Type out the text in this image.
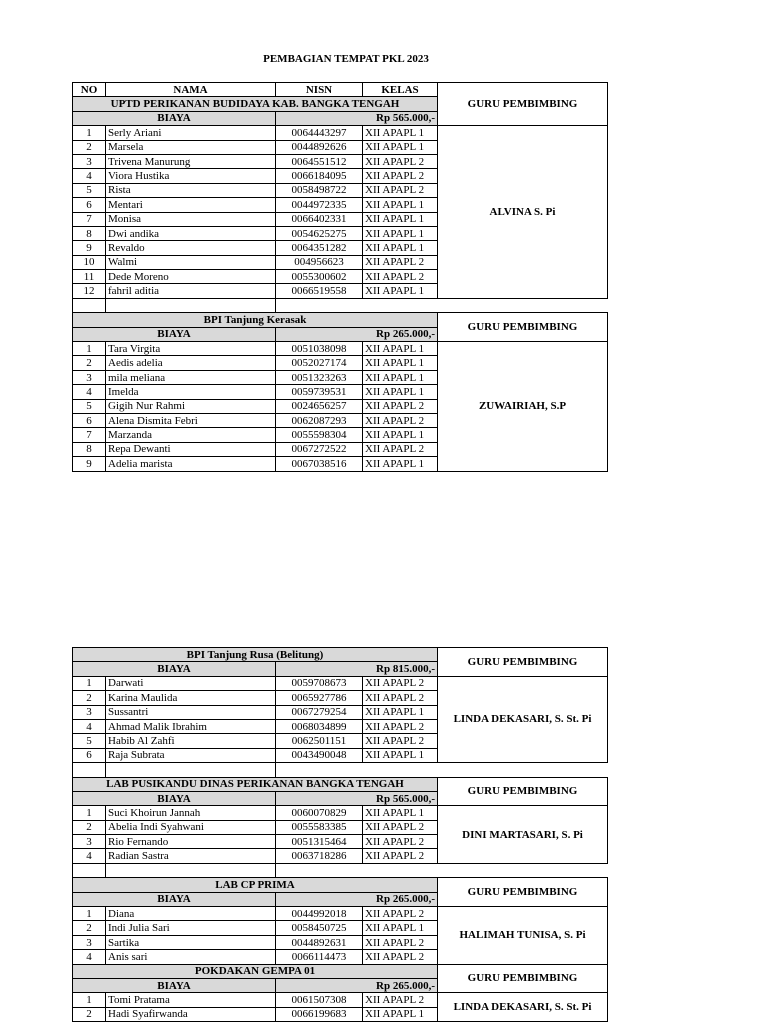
PEMBAGIAN TEMPAT PKL 2023
NO	NAMA	NISN	KELAS	GURU PEMBIMBING
UPTD PERIKANAN BUDIDAYA KAB. BANGKA TENGAH				
BIAYA		Rp 565.000,-		
1	Serly Ariani	0064443297	XII APAPL 1	ALVINA S. Pi
2	Marsela	0044892626	XII APAPL 1	
3	Trivena Manurung	0064551512	XII APAPL 2	
4	Viora Hustika	0066184095	XII APAPL 2	
5	Rista	0058498722	XII APAPL 2	
6	Mentari	0044972335	XII APAPL 1	
7	Monisa	0066402331	XII APAPL 1	
8	Dwi andika	0054625275	XII APAPL 1	
9	Revaldo	0064351282	XII APAPL 1	
10	Walmi	004956623	XII APAPL 2	
11	Dede Moreno	0055300602	XII APAPL 2	
12	fahril aditia	0066519558	XII APAPL 1	

BPI Tanjung Kerasak				GURU PEMBIMBING
BIAYA		Rp 265.000,-		
1	Tara Virgita	0051038098	XII APAPL 1	ZUWAIRIAH, S.P
2	Aedis adelia	0052027174	XII APAPL 1	
3	mila meliana	0051323263	XII APAPL 1	
4	Imelda	0059739531	XII APAPL 1	
5	Gigih Nur Rahmi	0024656257	XII APAPL 2	
6	Alena Dismita Febri	0062087293	XII APAPL 2	
7	Marzanda	0055598304	XII APAPL 1	
8	Repa Dewanti	0067272522	XII APAPL 2	
9	Adelia marista	0067038516	XII APAPL 1	
BPI Tanjung Rusa (Belitung)				GURU PEMBIMBING
BIAYA		Rp 815.000,-		
1	Darwati	0059708673	XII APAPL 2	LINDA DEKASARI, S. St. Pi
2	Karina Maulida	0065927786	XII APAPL 2	
3	Sussantri	0067279254	XII APAPL 1	
4	Ahmad Malik Ibrahim	0068034899	XII APAPL 2	
5	Habib Al Zahfi	0062501151	XII APAPL 2	
6	Raja Subrata	0043490048	XII APAPL 1	

LAB PUSIKANDU DINAS PERIKANAN BANGKA TENGAH				GURU PEMBIMBING
BIAYA		Rp 565.000,-		
1	Suci Khoirun Jannah	0060070829	XII APAPL 1	DINI MARTASARI, S. Pi
2	Abelia Indi Syahwani	0055583385	XII APAPL 2	
3	Rio Fernando	0051315464	XII APAPL 2	
4	Radian Sastra	0063718286	XII APAPL 2	

LAB CP PRIMA				GURU PEMBIMBING
BIAYA		Rp 265.000,-		
1	Diana	0044992018	XII APAPL 2	HALIMAH TUNISA, S. Pi
2	Indi Julia Sari	0058450725	XII APAPL 1	
3	Sartika	0044892631	XII APAPL 2	
4	Anis sari	0066114473	XII APAPL 2	
POKDAKAN GEMPA 01				GURU PEMBIMBING
BIAYA		Rp 265.000,-		
1	Tomi Pratama	0061507308	XII APAPL 2	LINDA DEKASARI, S. St. Pi
2	Hadi Syafirwanda	0066199683	XII APAPL 1	
